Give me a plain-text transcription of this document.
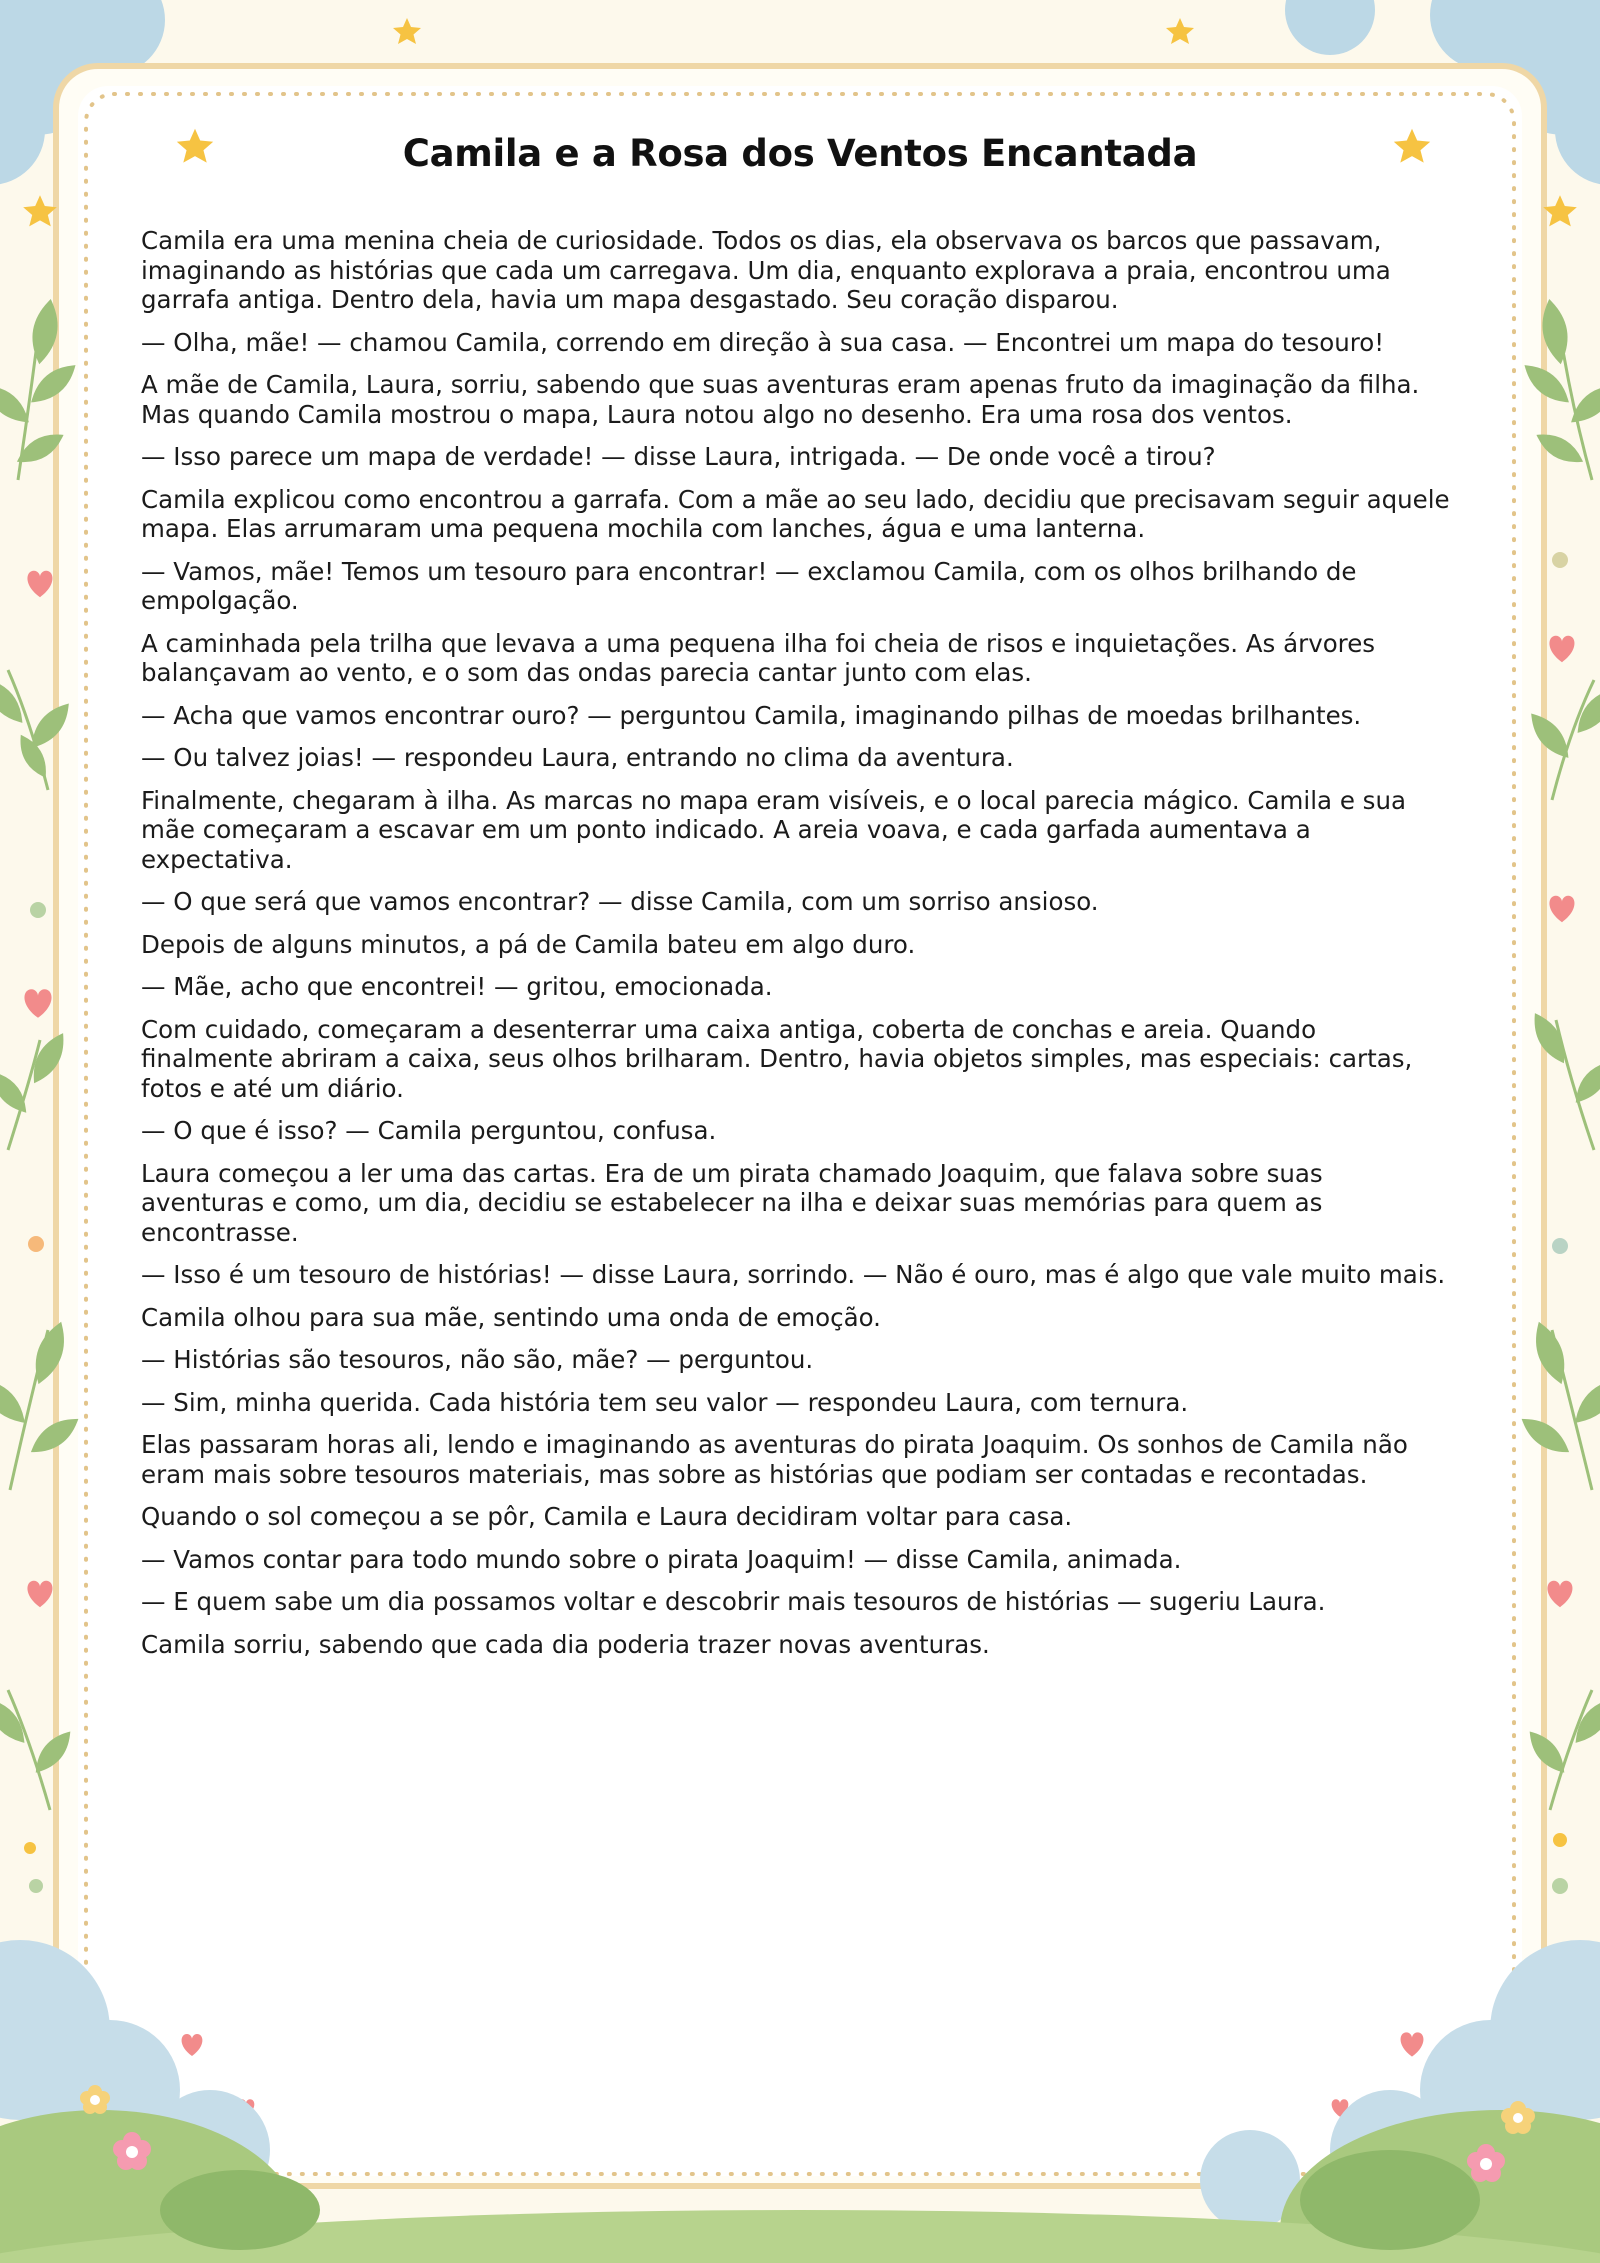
Camila e a Rosa dos Ventos Encantada

Camila era uma menina cheia de curiosidade. Todos os dias, ela observava os barcos que passavam, imaginando as histórias que cada um carregava. Um dia, enquanto explorava a praia, encontrou uma garrafa antiga. Dentro dela, havia um mapa desgastado. Seu coração disparou.

— Olha, mãe! — chamou Camila, correndo em direção à sua casa. — Encontrei um mapa do tesouro!

A mãe de Camila, Laura, sorriu, sabendo que suas aventuras eram apenas fruto da imaginação da filha. Mas quando Camila mostrou o mapa, Laura notou algo no desenho. Era uma rosa dos ventos.

— Isso parece um mapa de verdade! — disse Laura, intrigada. — De onde você a tirou?

Camila explicou como encontrou a garrafa. Com a mãe ao seu lado, decidiu que precisavam seguir aquele mapa. Elas arrumaram uma pequena mochila com lanches, água e uma lanterna.

— Vamos, mãe! Temos um tesouro para encontrar! — exclamou Camila, com os olhos brilhando de empolgação.

A caminhada pela trilha que levava a uma pequena ilha foi cheia de risos e inquietações. As árvores balançavam ao vento, e o som das ondas parecia cantar junto com elas.

— Acha que vamos encontrar ouro? — perguntou Camila, imaginando pilhas de moedas brilhantes.

— Ou talvez joias! — respondeu Laura, entrando no clima da aventura.

Finalmente, chegaram à ilha. As marcas no mapa eram visíveis, e o local parecia mágico. Camila e sua mãe começaram a escavar em um ponto indicado. A areia voava, e cada garfada aumentava a expectativa.

— O que será que vamos encontrar? — disse Camila, com um sorriso ansioso.

Depois de alguns minutos, a pá de Camila bateu em algo duro.

— Mãe, acho que encontrei! — gritou, emocionada.

Com cuidado, começaram a desenterrar uma caixa antiga, coberta de conchas e areia. Quando finalmente abriram a caixa, seus olhos brilharam. Dentro, havia objetos simples, mas especiais: cartas, fotos e até um diário.

— O que é isso? — Camila perguntou, confusa.

Laura começou a ler uma das cartas. Era de um pirata chamado Joaquim, que falava sobre suas aventuras e como, um dia, decidiu se estabelecer na ilha e deixar suas memórias para quem as encontrasse.

— Isso é um tesouro de histórias! — disse Laura, sorrindo. — Não é ouro, mas é algo que vale muito mais.

Camila olhou para sua mãe, sentindo uma onda de emoção.

— Histórias são tesouros, não são, mãe? — perguntou.

— Sim, minha querida. Cada história tem seu valor — respondeu Laura, com ternura.

Elas passaram horas ali, lendo e imaginando as aventuras do pirata Joaquim. Os sonhos de Camila não eram mais sobre tesouros materiais, mas sobre as histórias que podiam ser contadas e recontadas.

Quando o sol começou a se pôr, Camila e Laura decidiram voltar para casa.

— Vamos contar para todo mundo sobre o pirata Joaquim! — disse Camila, animada.

— E quem sabe um dia possamos voltar e descobrir mais tesouros de histórias — sugeriu Laura.

Camila sorriu, sabendo que cada dia poderia trazer novas aventuras.
